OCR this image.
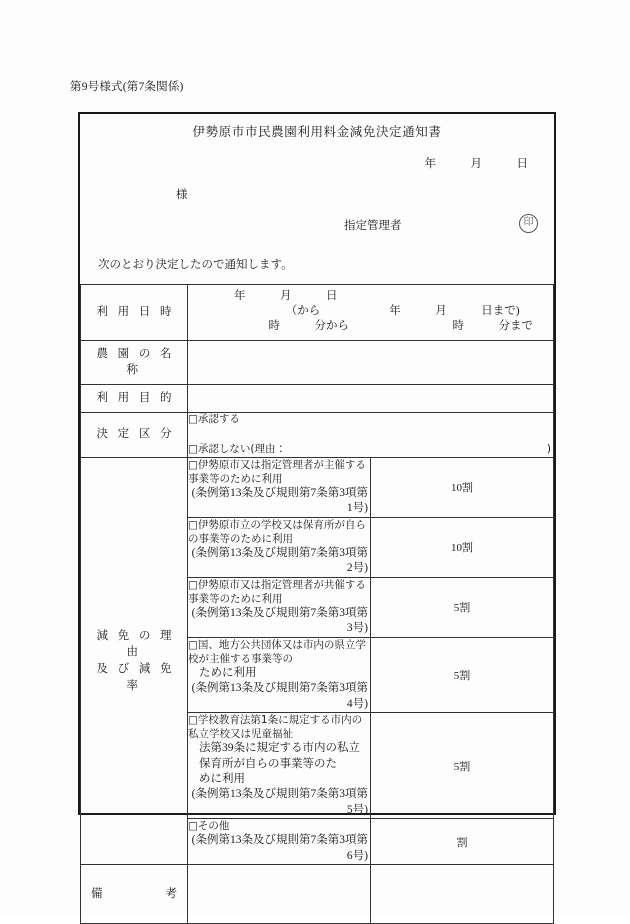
第9号様式(第7条関係)
伊勢原市市民農園利用料金減免決定通知書
年　　　月　　　日
様
指定管理者	印
次のとおり決定したので通知します。
利 用 日 時	　　　　年　　　月　　　日
　　　　　　　　　（から　　　　　　年　　　月　　　日まで)
　　　　　　　時　　　分から　　　　　　　　　時　　　分まで	

農 園 の 名 称		

利 用 目 的		

決 定 区 分	□承認する
□承認しない(理由： )	

減 免 の 理 由
及 び 減 免 率	□伊勢原市又は指定管理者が主催する事業等のために利用
(条例第13条及び規則第7条第3項第1号)	10割

	□伊勢原市立の学校又は保育所が自らの事業等のために利用
(条例第13条及び規則第7条第3項第2号)	10割

	□伊勢原市又は指定管理者が共催する事業等のために利用
(条例第13条及び規則第7条第3項第3号)	5割

	□国、地方公共団体又は市内の県立学校が主催する事業等の
ために利用
(条例第13条及び規則第7条第3項第4号)	5割

	□学校教育法第1条に規定する市内の私立学校又は児童福祉
法第39条に規定する市内の私立保育所が自らの事業等のた
めに利用
(条例第13条及び規則第7条第3項第5号)	5割

	□その他
(条例第13条及び規則第7条第3項第6号)	割

備　　　　考		
